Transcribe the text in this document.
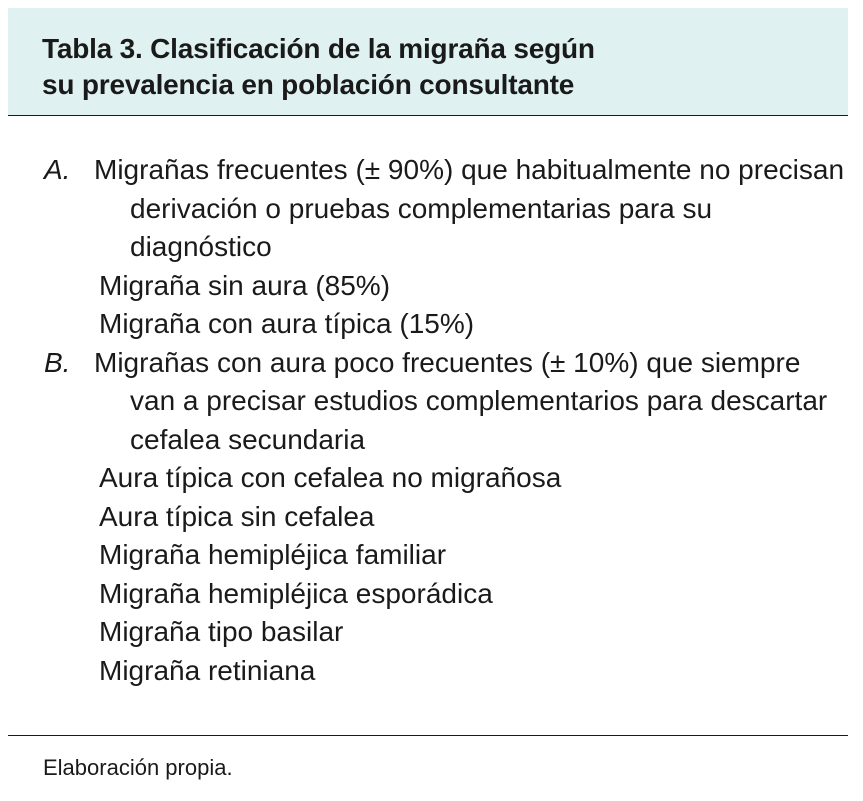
Tabla 3. Clasificación de la migraña según
su prevalencia en población consultante
A. Migrañas frecuentes (± 90%) que habitualmente no precisan derivación o pruebas complementarias para su diagnóstico
Migraña sin aura (85%)
Migraña con aura típica (15%)
B. Migrañas con aura poco frecuentes (± 10%) que siempre van a precisar estudios complementarios para descartar cefalea secundaria
Aura típica con cefalea no migrañosa
Aura típica sin cefalea
Migraña hemipléjica familiar
Migraña hemipléjica esporádica
Migraña tipo basilar
Migraña retiniana
Elaboración propia.
